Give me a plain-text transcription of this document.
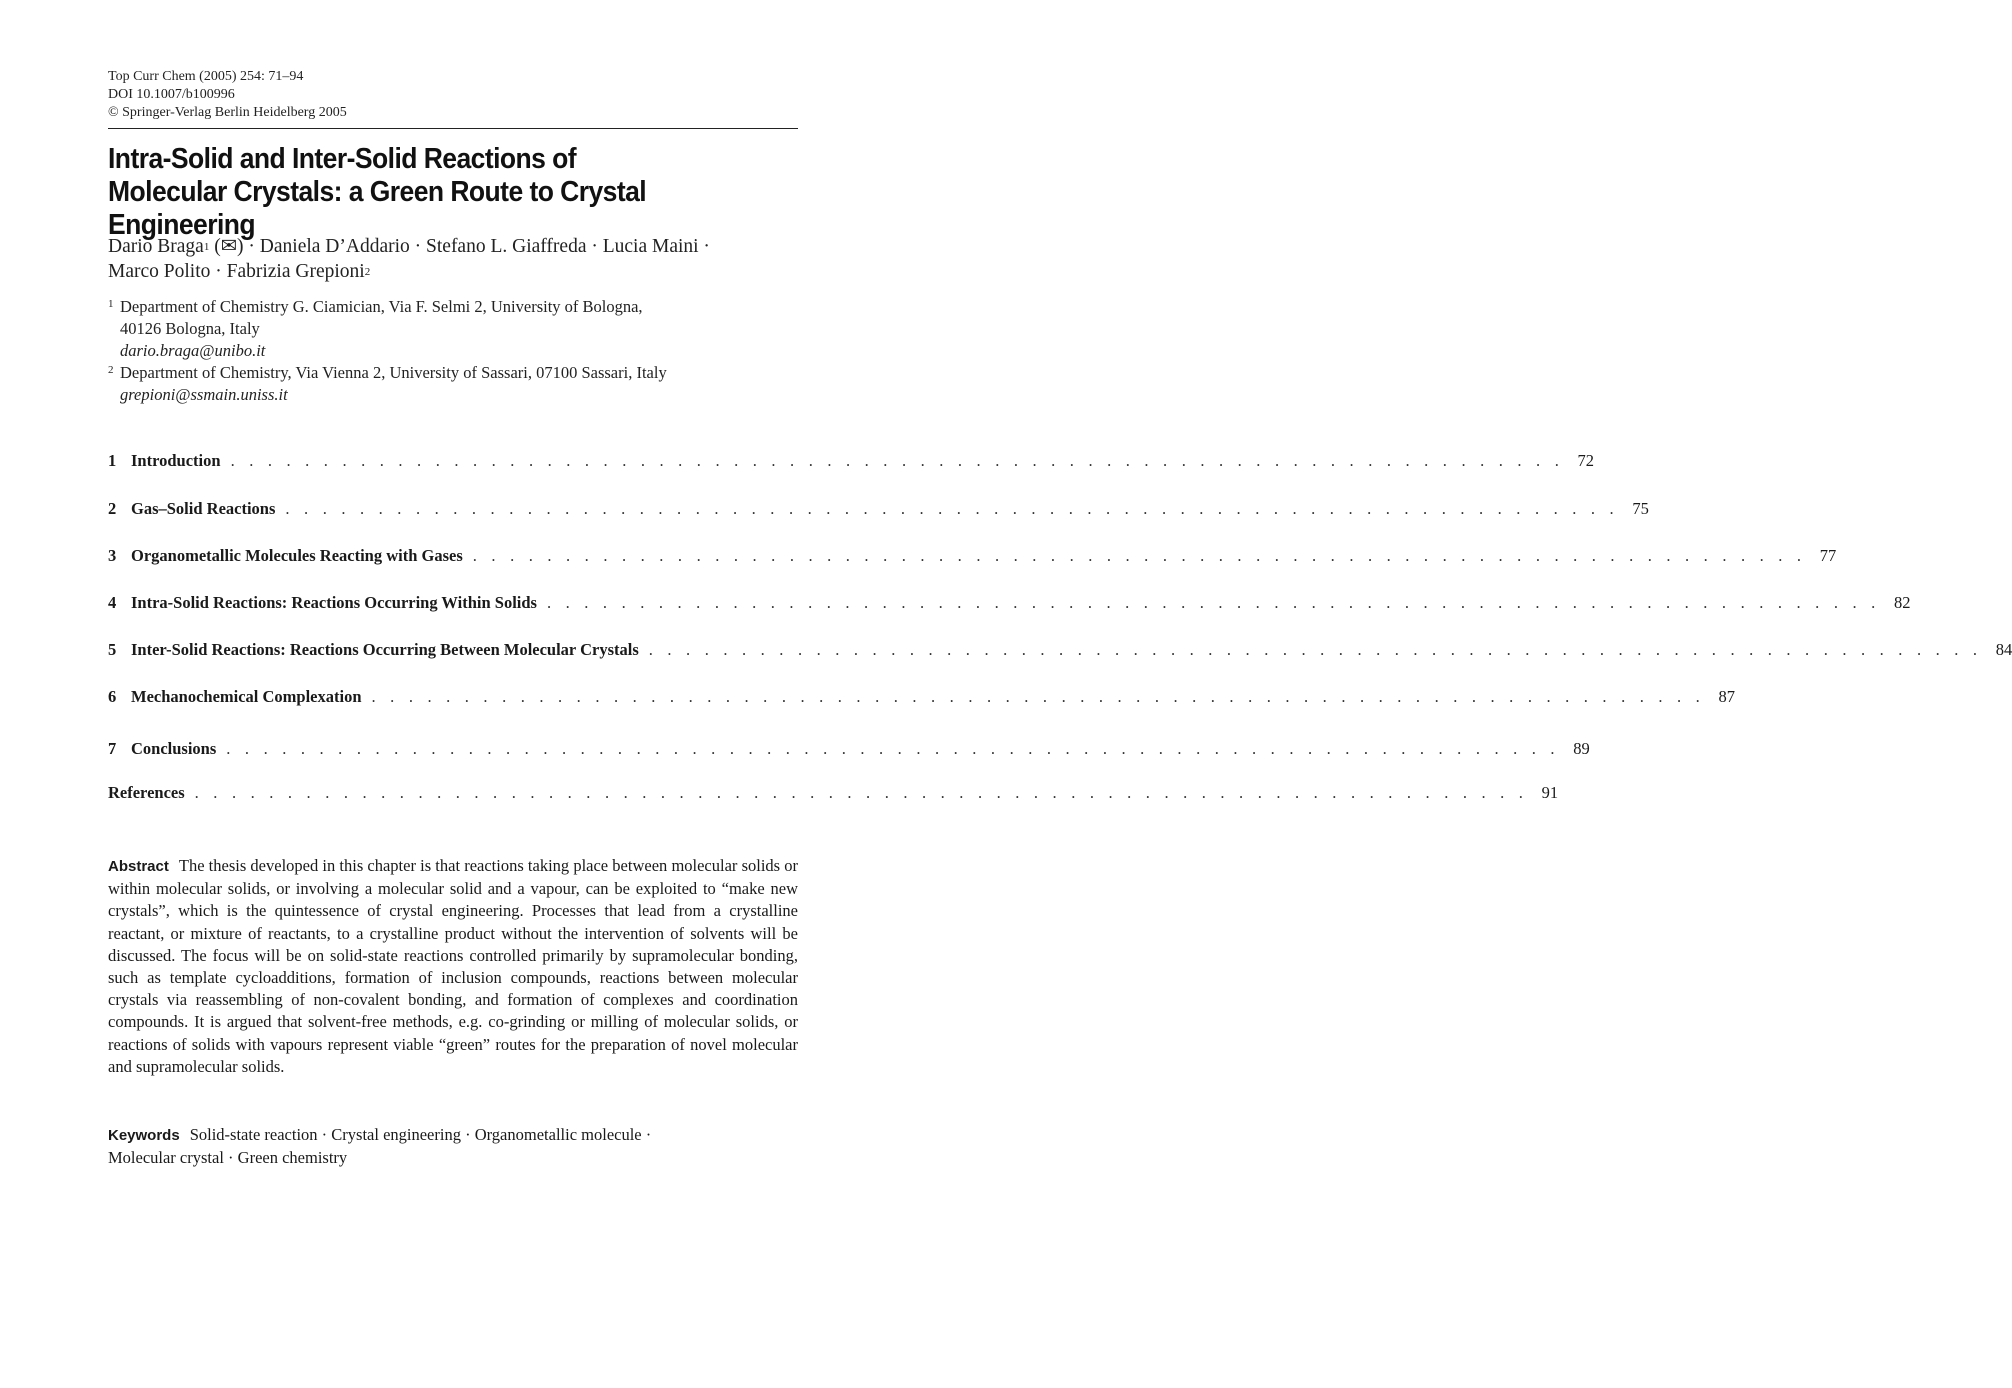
Top Curr Chem (2005) 254: 71–94
DOI 10.1007/b100996
© Springer-Verlag Berlin Heidelberg 2005
Intra-Solid and Inter-Solid Reactions of
Molecular Crystals: a Green Route to Crystal Engineering
Dario Braga$^1$ (✉) · Daniela D’Addario · Stefano L. Giaffreda · Lucia Maini ·
Marco Polito · Fabrizia Grepioni$^2$
1 Department of Chemistry G. Ciamician, Via F. Selmi 2, University of Bologna,
40126 Bologna, Italy
dario.braga@unibo.it
2 Department of Chemistry, Via Vienna 2, University of Sassari, 07100 Sassari, Italy
grepioni@ssmain.uniss.it
1 Introduction . . . . . . . . . . . . . . . . . . . . . . . . . . . . . . . . . . . . . . . . . . . . . . . . . . . . . . . . . . . . . . . . . . . . . . . . 72
2 Gas–Solid Reactions . . . . . . . . . . . . . . . . . . . . . . . . . . . . . . . . . . . . . . . . . . . . . . . . . . . . . . . . . . . . . . . . . . . . . . . . 75
3 Organometallic Molecules Reacting with Gases . . . . . . . . . . . . . . . . . . . . . . . . . . . . . . . . . . . . . . . . . . . . . . . . . . . . . . . . . . . . . . . . . . . . . . . . 77
4 Intra-Solid Reactions: Reactions Occurring Within Solids . . . . . . . . . . . . . . . . . . . . . . . . . . . . . . . . . . . . . . . . . . . . . . . . . . . . . . . . . . . . . . . . . . . . . . . . 82
5 Inter-Solid Reactions: Reactions Occurring Between Molecular Crystals . . . . . . . . . . . . . . . . . . . . . . . . . . . . . . . . . . . . . . . . . . . . . . . . . . . . . . . . . . . . . . . . . . . . . . . . 84
6 Mechanochemical Complexation . . . . . . . . . . . . . . . . . . . . . . . . . . . . . . . . . . . . . . . . . . . . . . . . . . . . . . . . . . . . . . . . . . . . . . . . 87
7 Conclusions . . . . . . . . . . . . . . . . . . . . . . . . . . . . . . . . . . . . . . . . . . . . . . . . . . . . . . . . . . . . . . . . . . . . . . . . 89
References . . . . . . . . . . . . . . . . . . . . . . . . . . . . . . . . . . . . . . . . . . . . . . . . . . . . . . . . . . . . . . . . . . . . . . . . 91
Abstract The thesis developed in this chapter is that reactions taking place between molecular solids or within molecular solids, or involving a molecular solid and a vapour, can be exploited to “make new crystals”, which is the quintessence of crystal engineering. Processes that lead from a crystalline reactant, or mixture of reactants, to a crystalline product without the intervention of solvents will be discussed. The focus will be on solid-state reactions controlled primarily by supramolecular bonding, such as template cycloadditions, formation of inclusion compounds, reactions between molecular crystals via reassembling of non-covalent bonding, and formation of complexes and coordination compounds. It is argued that solvent-free methods, e.g. co-grinding or milling of molecular solids, or reactions of solids with vapours represent viable “green” routes for the preparation of novel molecular and supramolecular solids.
Keywords Solid-state reaction · Crystal engineering · Organometallic molecule ·
Molecular crystal · Green chemistry
